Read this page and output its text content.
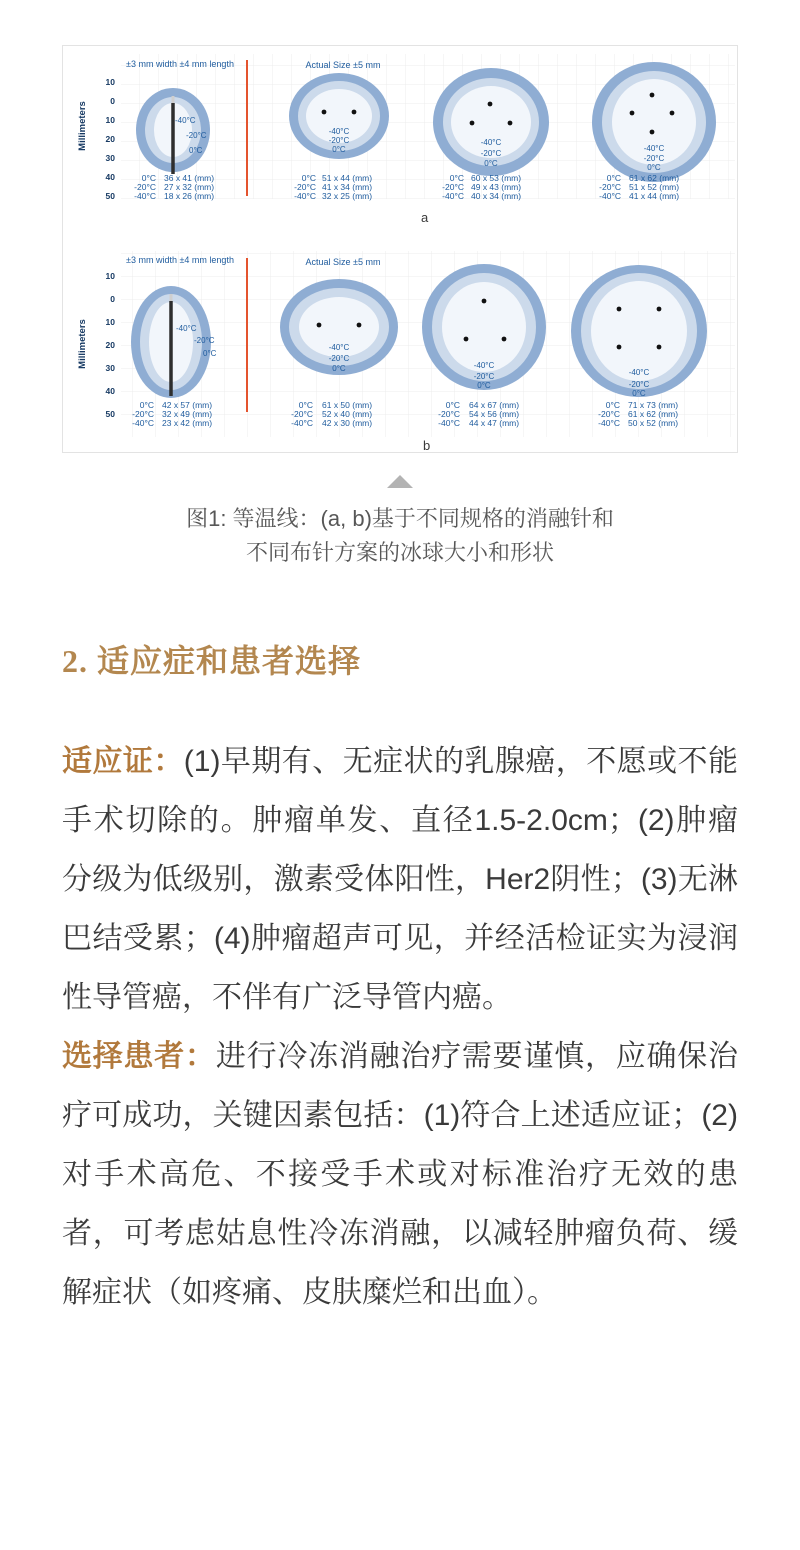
Millimeters
10
0
10
20
30
40
50
±3 mm width ±4 mm length	Actual Size ±5 mm
-40°C
-20°C
0°C
0°C 36 x 41 (mm)
-20°C 27 x 32 (mm)
-40°C 18 x 26 (mm)
-40°C
-20°C
0°C
0°C 51 x 44 (mm)
-20°C 41 x 34 (mm)
-40°C 32 x 25 (mm)
-40°C
-20°C
0°C
0°C 60 x 53 (mm)
-20°C 49 x 43 (mm)
-40°C 40 x 34 (mm)
-40°C
-20°C
0°C
0°C 61 x 62 (mm)
-20°C 51 x 52 (mm)
-40°C 41 x 44 (mm)
a
Millimeters
10
0
10
20
30
40
50
±3 mm width ±4 mm length	Actual Size ±5 mm
-40°C
-20°C
0°C
0°C 42 x 57 (mm)
-20°C 32 x 49 (mm)
-40°C 23 x 42 (mm)
-40°C
-20°C
0°C
0°C 61 x 50 (mm)
-20°C 52 x 40 (mm)
-40°C 42 x 30 (mm)
-40°C
-20°C
0°C
0°C 64 x 67 (mm)
-20°C 54 x 56 (mm)
-40°C 44 x 47 (mm)
-40°C
-20°C
0°C
0°C 71 x 73 (mm)
-20°C 61 x 62 (mm)
-40°C 50 x 52 (mm)
b
图1: 等温线：(a, b)基于不同规格的消融针和
不同布针方案的冰球大小和形状
2. 适应症和患者选择

适应证：(1)早期有、无症状的乳腺癌，不愿或不能手术切除的。肿瘤单发、直径1.5-2.0cm；(2)肿瘤分级为低级别，激素受体阳性，Her2阴性；(3)无淋巴结受累；(4)肿瘤超声可见，并经活检证实为浸润性导管癌，不伴有广泛导管内癌。

选择患者：进行冷冻消融治疗需要谨慎，应确保治疗可成功，关键因素包括：(1)符合上述适应证；(2)对手术高危、不接受手术或对标准治疗无效的患者，可考虑姑息性冷冻消融，以减轻肿瘤负荷、缓解症状（如疼痛、皮肤糜烂和出血）。
